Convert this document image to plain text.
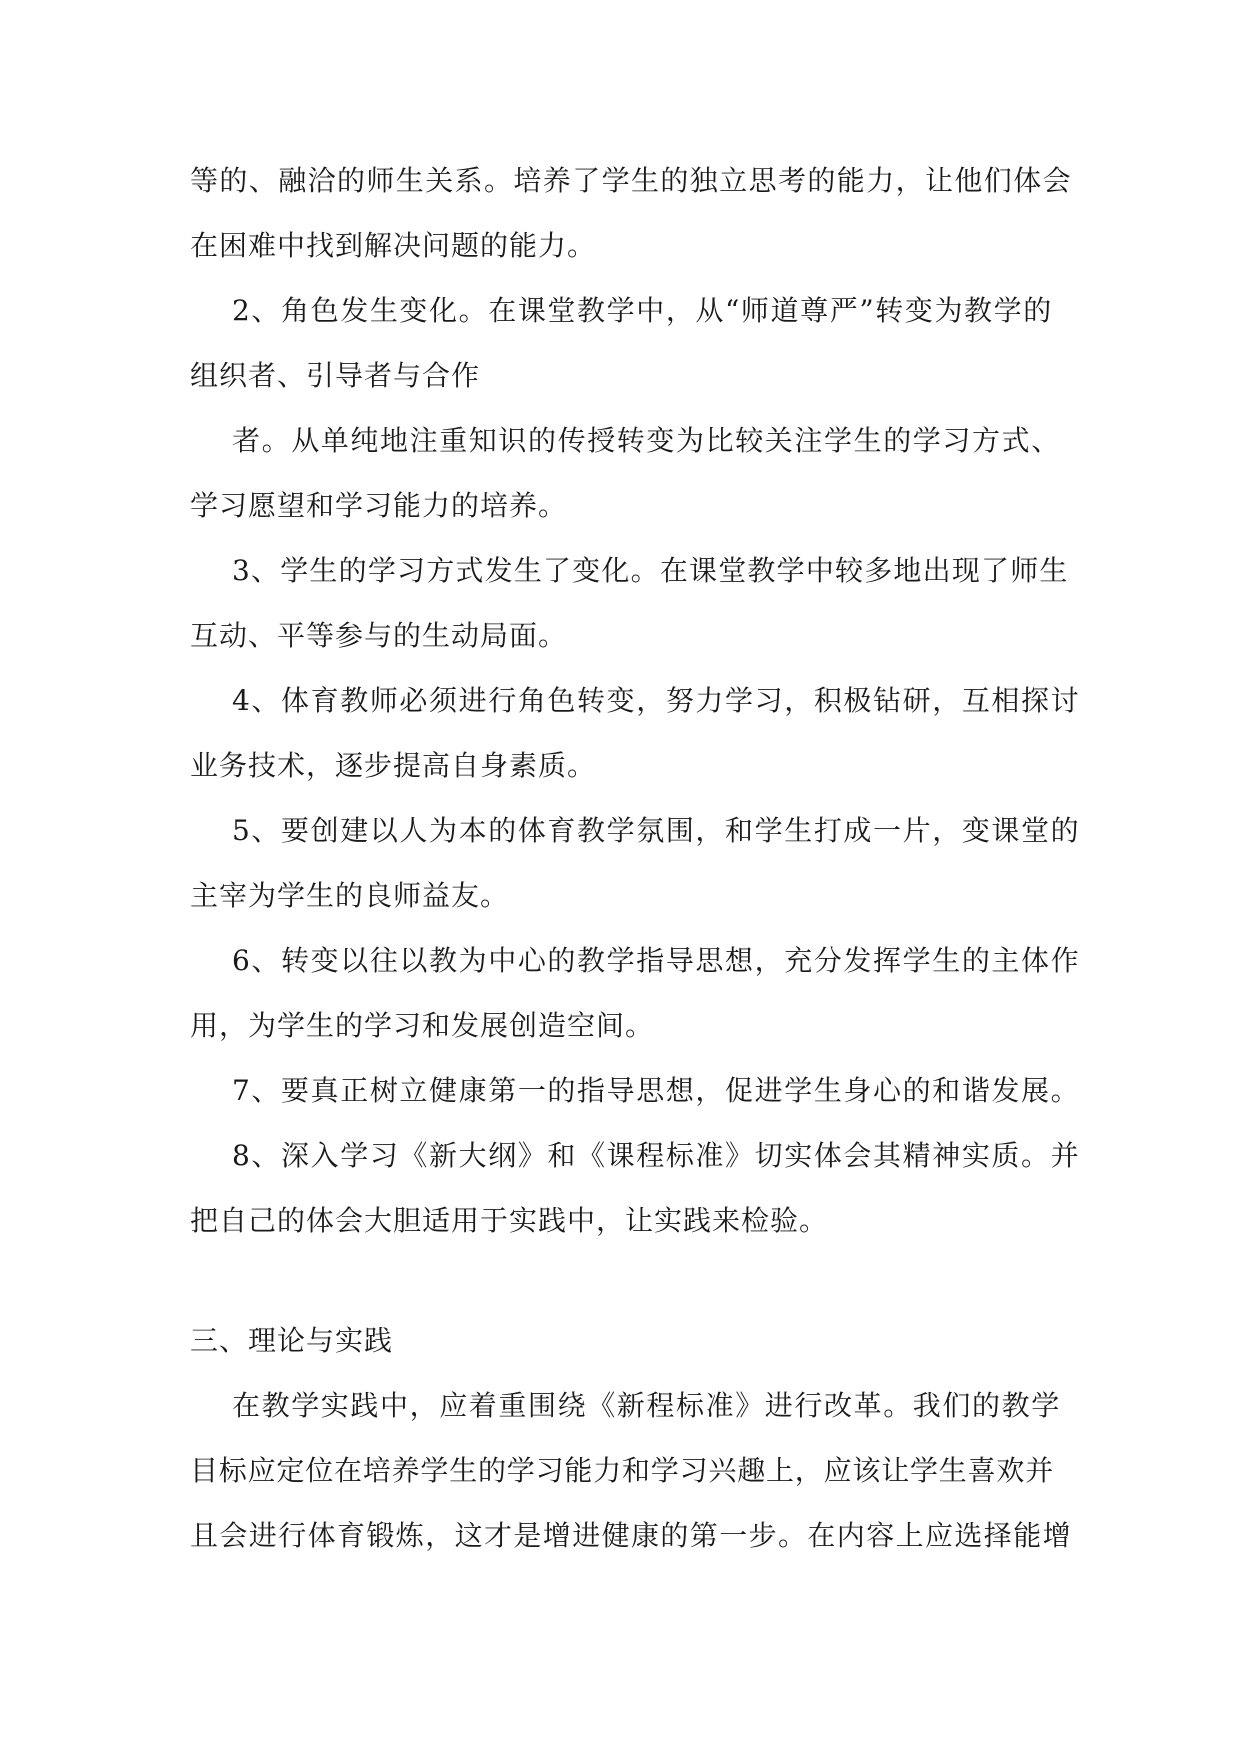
等的、融洽的师生关系。培养了学生的独立思考的能力，让他们体会

在困难中找到解决问题的能力。

2、角色发生变化。在课堂教学中，从“师道尊严”转变为教学的

组织者、引导者与合作

者。从单纯地注重知识的传授转变为比较关注学生的学习方式、

学习愿望和学习能力的培养。

3、学生的学习方式发生了变化。在课堂教学中较多地出现了师生

互动、平等参与的生动局面。

4、体育教师必须进行角色转变，努力学习，积极钻研，互相探讨

业务技术，逐步提高自身素质。

5、要创建以人为本的体育教学氛围，和学生打成一片，变课堂的

主宰为学生的良师益友。

6、转变以往以教为中心的教学指导思想，充分发挥学生的主体作

用，为学生的学习和发展创造空间。

7、要真正树立健康第一的指导思想，促进学生身心的和谐发展。

8、深入学习《新大纲》和《课程标准》切实体会其精神实质。并

把自己的体会大胆适用于实践中，让实践来检验。

三、理论与实践

在教学实践中，应着重围绕《新程标准》进行改革。我们的教学

目标应定位在培养学生的学习能力和学习兴趣上，应该让学生喜欢并

且会进行体育锻炼，这才是增进健康的第一步。在内容上应选择能增
